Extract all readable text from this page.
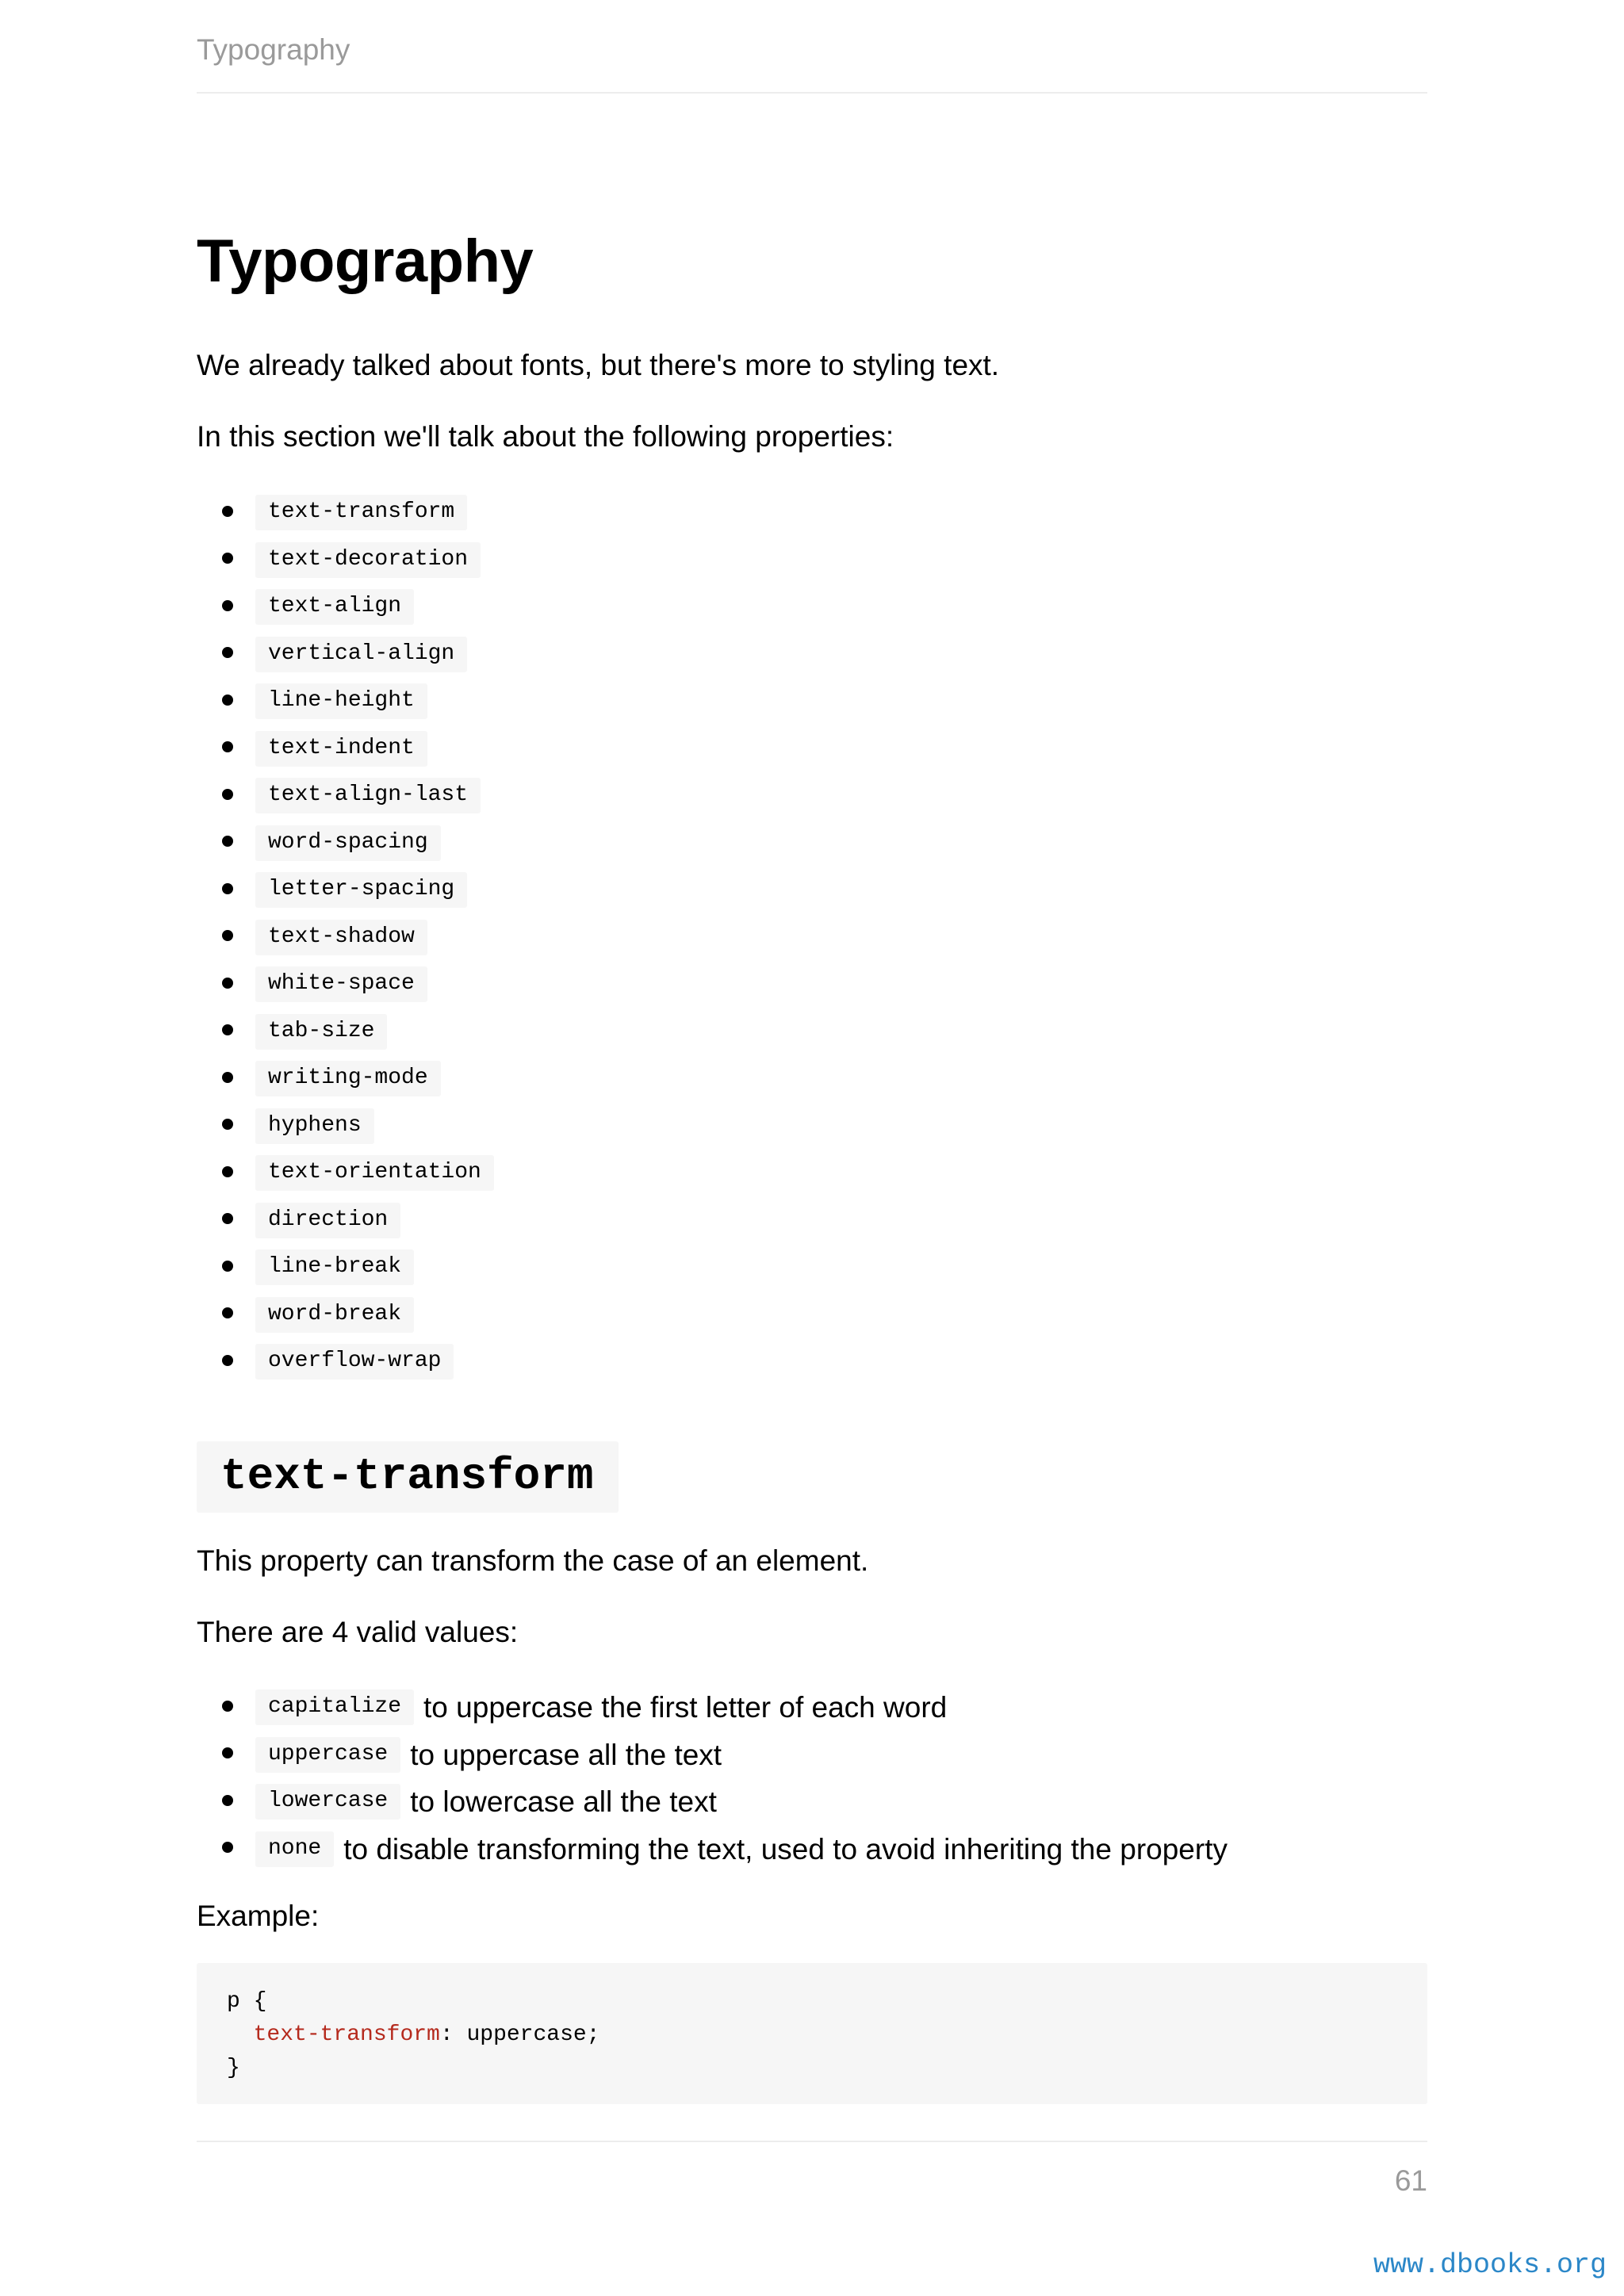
Typography
Typography

We already talked about fonts, but there's more to styling text.

In this section we'll talk about the following properties:

text-transform
text-decoration
text-align
vertical-align
line-height
text-indent
text-align-last
word-spacing
letter-spacing
text-shadow
white-space
tab-size
writing-mode
hyphens
text-orientation
direction
line-break
word-break
overflow-wrap
text-transform

This property can transform the case of an element.

There are 4 valid values:

capitalize to uppercase the first letter of each word
uppercase to uppercase all the text
lowercase to lowercase all the text
none to disable transforming the text, used to avoid inheriting the property

Example:

p {
text-transform: uppercase;
}
61
www.dbooks.org
